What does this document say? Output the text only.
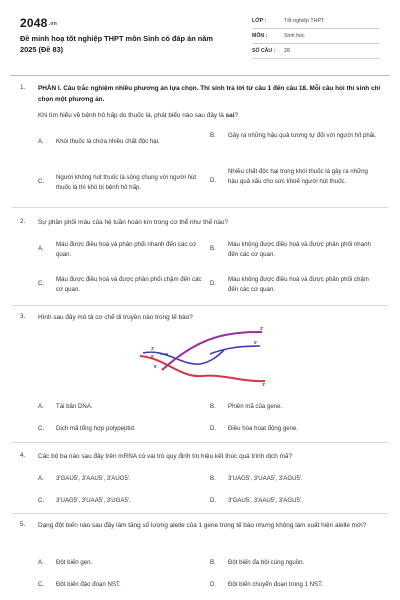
2048.vn
Đề minh hoạ tốt nghiệp THPT môn Sinh có đáp án năm 2025 (Đề 83)
LỚP :	Tốt nghiệp THPT
MÔN :	Sinh học
SỐ CÂU :	28
1. PHẦN I. Câu trắc nghiệm nhiều phương án lựa chọn. Thí sinh trả lời từ câu 1 đến câu 18. Mỗi câu hỏi thí sinh chỉ chọn một phương án.
Khi tìm hiểu về bệnh hô hấp do thuốc lá, phát biểu nào sau đây là sai?
A. Khói thuốc lá chứa nhiều chất độc hại.
B. Gây ra những hậu quả tương tự đối với người hít phải.
C.
Người không hút thuốc lá sống chung với người hút thuốc lá thì khó bị bệnh hô hấp.
D.
Nhiều chất độc hại trong khói thuốc lá gây ra những hậu quả xấu cho sức khoẻ người hút thuốc.
2. Sự phân phối máu của hệ tuần hoàn kín trong cơ thể như thế nào?
A.
Máu được điều hoà và phân phối nhanh đến các cơ quan.
B.
Máu không được điều hoà và được phân phối nhanh đến các cơ quan.
C.
Máu được điều hoà và được phân phối chậm đến các cơ quan.
D.
Máu không được điều hoà và được phân phối chậm đến các cơ quan.
3. Hình sau đây mô tả cơ chế di truyền nào trong tế bào?
3'
5'
3'
5'
5'
3'
A. Tái bản DNA.	B. Phiên mã của gene.
C. Dịch mã tổng hợp polypeptid.	D. Điều hòa hoạt động gene.
4. Các bộ ba nào sau đây trên mRNA có vai trò quy định tín hiệu kết thúc quá trình dịch mã?
A. 3'GAU5', 3'AAU5', 3'AUG5'.	B. 3'UAG5', 3'UAA5', 3'AGU5'.
C. 3'UAG5', 3'UAA5', 3'UGA5'.	D. 3'GAU5', 3'AAU5', 3'AGU5'.
5. Dạng đột biến nào sau đây làm tăng số lượng alelle của 1 gene trong tế bào nhưng không làm xuất hiện alelle mới?
A. Đột biến gen.	B. Đột biến đa bội cùng nguồn.
C. Đột biến đảo đoạn NST.	D. Đột biến chuyển đoạn trong 1 NST.
